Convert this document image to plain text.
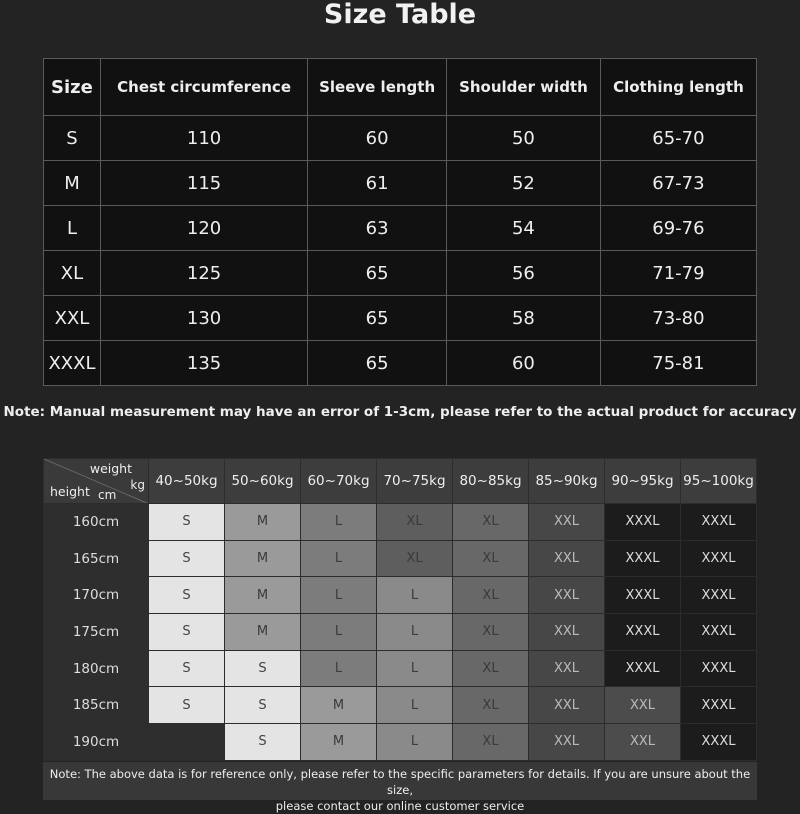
Size Table
Size	Chest circumference	Sleeve length	Shoulder width	Clothing length
S	110	60	50	65-70
M	115	61	52	67-73
L	120	63	54	69-76
XL	125	65	56	71-79
XXL	130	65	58	73-80
XXXL	135	65	60	75-81
Note: Manual measurement may have an error of 1-3cm, please refer to the actual product for accuracy
weight
kg
height cm	40~50kg	50~60kg	60~70kg	70~75kg	80~85kg	85~90kg	90~95kg	95~100kg
160cm	S	M	L	XL	XL	XXL	XXXL	XXXL
165cm	S	M	L	XL	XL	XXL	XXXL	XXXL
170cm	S	M	L	L	XL	XXL	XXXL	XXXL
175cm	S	M	L	L	XL	XXL	XXXL	XXXL
180cm	S	S	L	L	XL	XXL	XXXL	XXXL
185cm	S	S	M	L	XL	XXL	XXL	XXXL
190cm		S	M	L	XL	XXL	XXL	XXXL
Note: The above data is for reference only, please refer to the specific parameters for details. If you are unsure about the size,
please contact our online customer service
